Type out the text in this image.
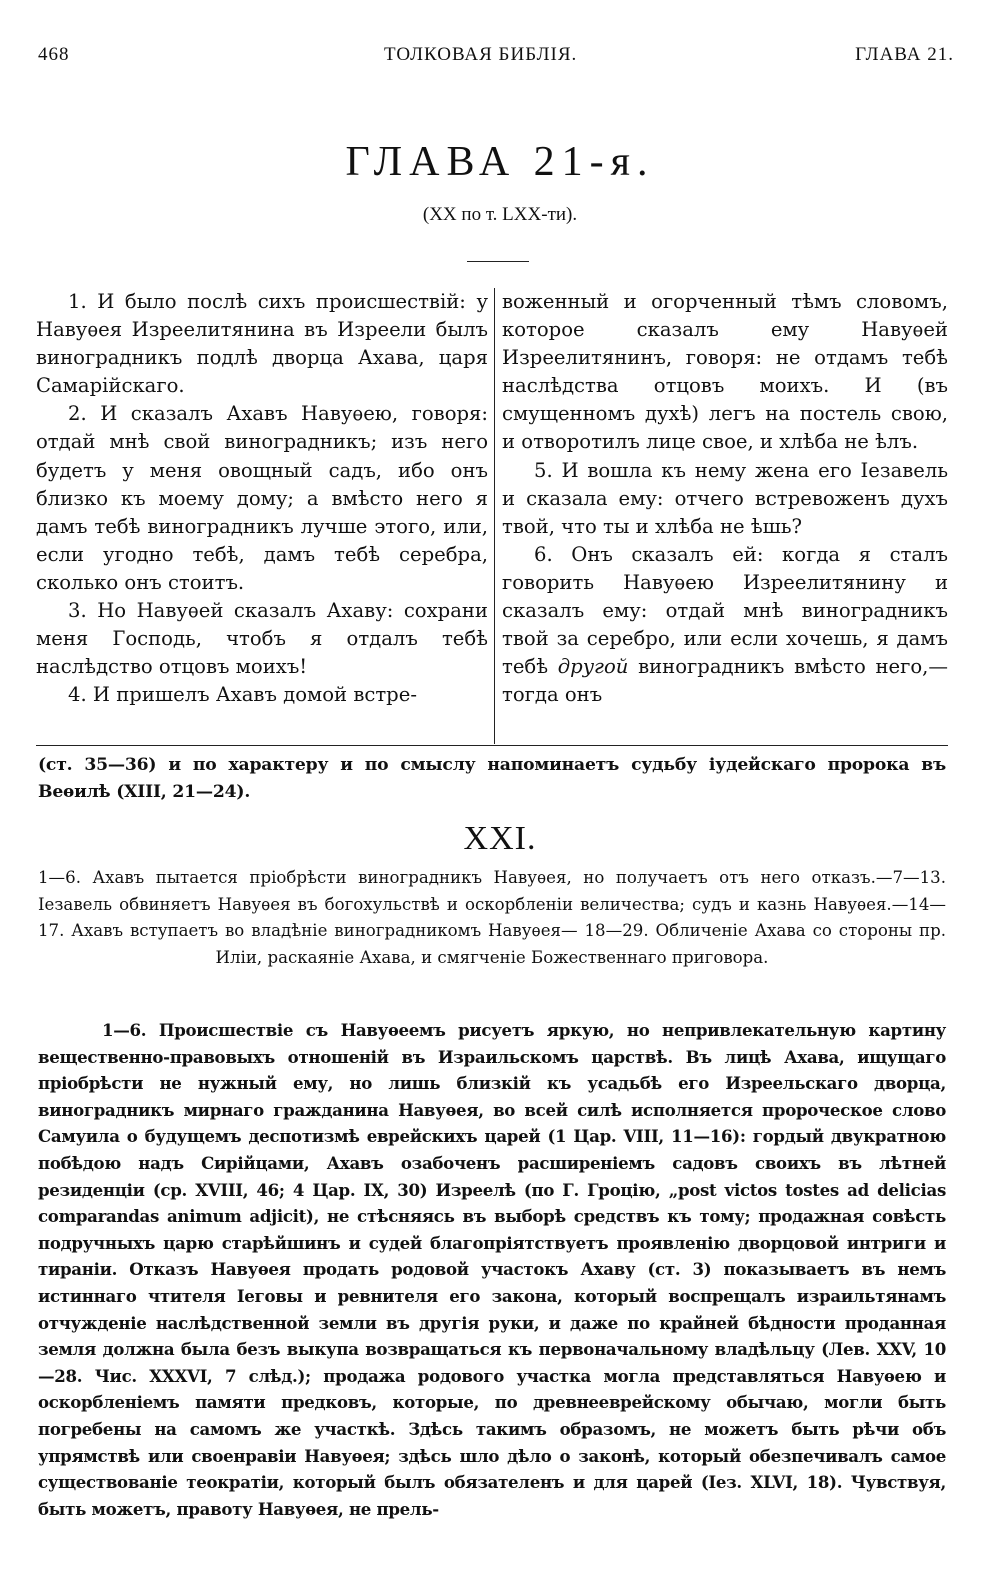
468	ТОЛКОВАЯ БИБЛІЯ.	ГЛАВА 21.
ГЛАВА 21-я.
(XX по т. LXX-ти).

1. И было послѣ сихъ происшествій: у Навуѳея Изреелитянина въ Изреели былъ виноградникъ подлѣ дворца Ахава, царя Самарійскаго.

2. И сказалъ Ахавъ Навуѳею, говоря: отдай мнѣ свой виноградникъ; изъ него будетъ у меня овощный садъ, ибо онъ близко къ моему дому; а вмѣсто него я дамъ тебѣ виноградникъ лучше этого, или, если угодно тебѣ, дамъ тебѣ серебра, сколько онъ стоитъ.

3. Но Навуѳей сказалъ Ахаву: сохрани меня Господь, чтобъ я отдалъ тебѣ наслѣдство отцовъ моихъ!

4. И пришелъ Ахавъ домой встре-

воженный и огорченный тѣмъ словомъ, которое сказалъ ему Навуѳей Изреелитянинъ, говоря: не отдамъ тебѣ наслѣдства отцовъ моихъ. И (въ смущенномъ духѣ) легъ на постель свою, и отворотилъ лице свое, и хлѣба не ѣлъ.

5. И вошла къ нему жена его Іезавель и сказала ему: отчего встревоженъ духъ твой, что ты и хлѣба не ѣшь?

6. Онъ сказалъ ей: когда я сталъ говорить Навуѳею Изреелитянину и сказалъ ему: отдай мнѣ виноградникъ твой за серебро, или если хочешь, я дамъ тебѣ другой виноградникъ вмѣсто него,—тогда онъ

(ст. 35—36) и по характеру и по смыслу напоминаетъ судьбу іудейскаго пророка въ Веѳилѣ (XIII, 21—24).
XXI.
1—6. Ахавъ пытается пріобрѣсти виноградникъ Навуѳея, но получаетъ отъ него отказъ.—7—13. Іезавель обвиняетъ Навуѳея въ богохульствѣ и оскорбленіи величества; судъ и казнь Навуѳея.—14—17. Ахавъ вступаетъ во владѣніе виноградникомъ Навуѳея— 18—29. Обличеніе Ахава со стороны пр. Иліи, раскаяніе Ахава, и смягченіе Божественнаго приговора.
1—6. Происшествіе съ Навуѳеемъ рисуетъ яркую, но непривлекательную картину вещественно-правовыхъ отношеній въ Израильскомъ царствѣ. Въ лицѣ Ахава, ищущаго пріобрѣсти не нужный ему, но лишь близкій къ усадьбѣ его Изреельскаго дворца, виноградникъ мирнаго гражданина Навуѳея, во всей силѣ исполняется пророческое слово Самуила о будущемъ деспотизмѣ еврейскихъ царей (1 Цар. VIII, 11—16): гордый двукратною побѣдою надъ Сирійцами, Ахавъ озабоченъ расширеніемъ садовъ своихъ въ лѣтней резиденціи (ср. XVIII, 46; 4 Цар. IX, 30) Изреелѣ (по Г. Гроцію, „post victos tostes ad delicias comparandas animum adjicit), не стѣсняясь въ выборѣ средствъ къ тому; продажная совѣсть подручныхъ царю старѣйшинъ и судей благопріятствуетъ проявленію дворцовой интриги и тираніи. Отказъ Навуѳея продать родовой участокъ Ахаву (ст. 3) показываетъ въ немъ истиннаго чтителя Іеговы и ревнителя его закона, который воспрещалъ израильтянамъ отчужденіе наслѣдственной земли въ другія руки, и даже по крайней бѣдности проданная земля должна была безъ выкупа возвращаться къ первоначальному владѣльцу (Лев. XXV, 10—28. Чис. XXXVI, 7 слѣд.); продажа родового участка могла представляться Навуѳею и оскорбленіемъ памяти предковъ, которые, по древнееврейскому обычаю, могли быть погребены на самомъ же участкѣ. Здѣсь такимъ образомъ, не можетъ быть рѣчи объ упрямствѣ или своенравіи Навуѳея; здѣсь шло дѣло о законѣ, который обезпечивалъ самое существованіе теократіи, который былъ обязателенъ и для царей (Іез. XLVI, 18). Чувствуя, быть можетъ, правоту Навуѳея, не прель-
